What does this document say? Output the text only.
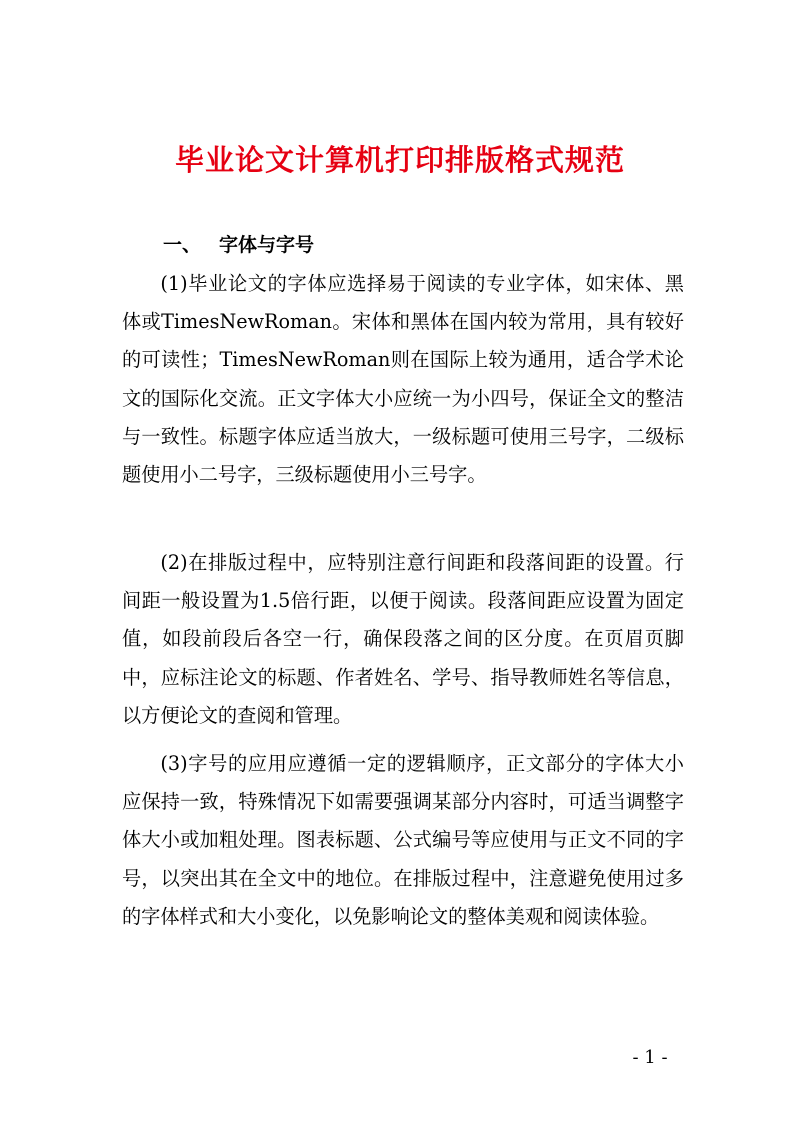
毕业论文计算机打印排版格式规范
一、 字体与字号

(1)毕业论文的字体应选择易于阅读的专业字体，如宋体、黑体或TimesNewRoman。宋体和黑体在国内较为常用，具有较好的可读性；TimesNewRoman则在国际上较为通用，适合学术论文的国际化交流。正文字体大小应统一为小四号，保证全文的整洁与一致性。标题字体应适当放大，一级标题可使用三号字，二级标题使用小二号字，三级标题使用小三号字。

(2)在排版过程中，应特别注意行间距和段落间距的设置。行间距一般设置为1.5倍行距，以便于阅读。段落间距应设置为固定值，如段前段后各空一行，确保段落之间的区分度。在页眉页脚中，应标注论文的标题、作者姓名、学号、指导教师姓名等信息，以方便论文的查阅和管理。

(3)字号的应用应遵循一定的逻辑顺序，正文部分的字体大小应保持一致，特殊情况下如需要强调某部分内容时，可适当调整字体大小或加粗处理。图表标题、公式编号等应使用与正文不同的字号，以突出其在全文中的地位。在排版过程中，注意避免使用过多的字体样式和大小变化，以免影响论文的整体美观和阅读体验。

- 1 -
